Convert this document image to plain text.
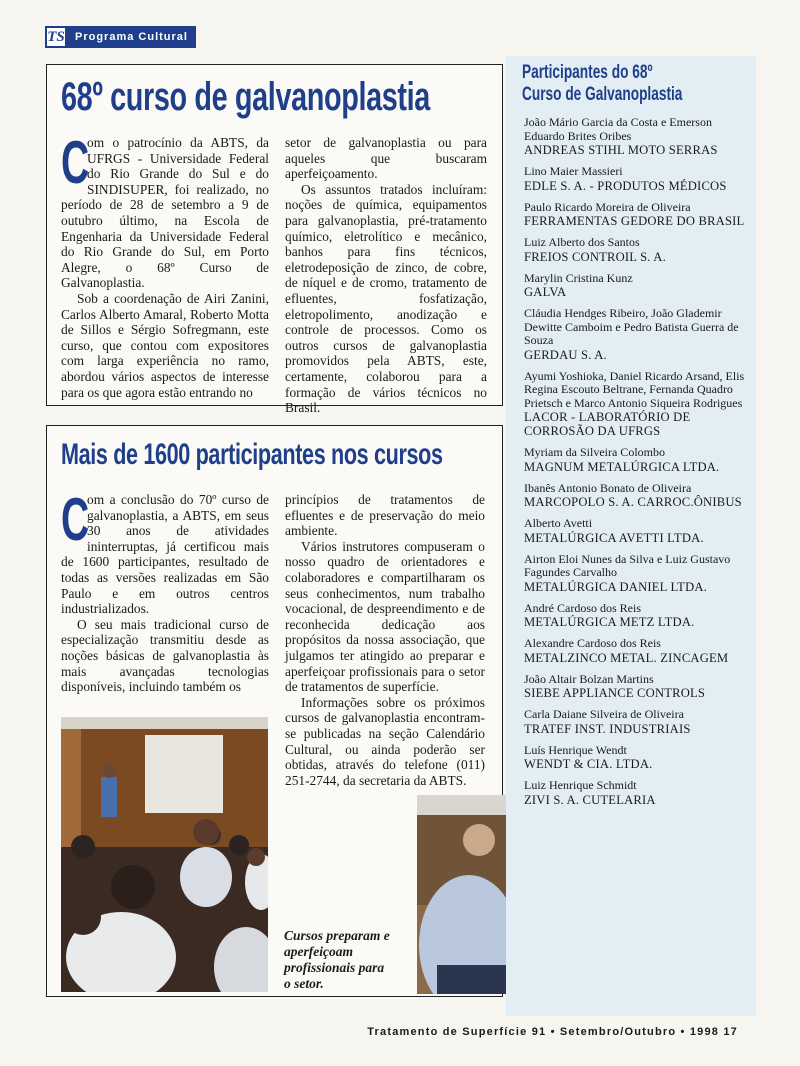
TS Programa Cultural
68º curso de galvanoplastia

C
om o patrocínio da ABTS, da UFRGS - Universidade Federal do Rio Grande do Sul e do SINDISUPER, foi realizado, no período de 28 de setembro a 9 de outubro último, na Escola de Engenharia da Universidade Federal do Rio Grande do Sul, em Porto Alegre, o 68º Curso de Galvanoplastia.

Sob a coordenação de Airi Zanini, Carlos Alberto Amaral, Roberto Motta de Sillos e Sérgio Sofregmann, este curso, que contou com expositores com larga experiência no ramo, abordou vários aspectos de interesse para os que agora estão entrando no

setor de galvanoplastia ou para aqueles que buscaram aperfeiçoamento.

Os assuntos tratados incluíram: noções de química, equipamentos para galvanoplastia, pré-tratamento químico, eletrolítico e mecânico, banhos para fins técnicos, eletrodeposição de zinco, de cobre, de níquel e de cromo, tratamento de efluentes, fosfatização, eletropolimento, anodização e controle de processos. Como os outros cursos de galvanoplastia promovidos pela ABTS, este, certamente, colaborou para a formação de vários técnicos no Brasil.

Mais de 1600 participantes nos cursos

C
om a conclusão do 70º curso de galvanoplastia, a ABTS, em seus 30 anos de atividades ininterruptas, já certificou mais de 1600 participantes, resultado de todas as versões realizadas em São Paulo e em outros centros industrializados.

O seu mais tradicional curso de especialização transmitiu desde as noções básicas de galvanoplastia às mais avançadas tecnologias disponíveis, incluindo também os

princípios de tratamentos de efluentes e de preservação do meio ambiente.

Vários instrutores compuseram o nosso quadro de orientadores e colaboradores e compartilharam os seus conhecimentos, num trabalho vocacional, de despreendimento e de reconhecida dedicação aos propósitos da nossa associação, que julgamos ter atingido ao preparar e aperfeiçoar profissionais para o setor de tratamentos de superfície.

Informações sobre os próximos cursos de galvanoplastia encontram-se publicadas na seção Calendário Cultural, ou ainda poderão ser obtidas, através do telefone (011) 251-2744, da secretaria da ABTS.

Cursos preparam e aperfeiçoam profissionais para o setor.
Participantes do 68º
Curso de Galvanoplastia
João Mário Garcia da Costa e Emerson Eduardo Brites Oribes
ANDREAS STIHL MOTO SERRAS
Lino Maier Massieri
EDLE S. A. - PRODUTOS MÉDICOS
Paulo Ricardo Moreira de Oliveira
FERRAMENTAS GEDORE DO BRASIL
Luiz Alberto dos Santos
FREIOS CONTROIL S. A.
Marylin Cristina Kunz
GALVA
Cláudia Hendges Ribeiro, João Glademir Dewitte Camboim e Pedro Batista Guerra de Souza
GERDAU S. A.
Ayumi Yoshioka, Daniel Ricardo Arsand, Elis Regina Escouto Beltrane, Fernanda Quadro Prietsch e Marco Antonio Siqueira Rodrigues
LACOR - LABORATÓRIO DE CORROSÃO DA UFRGS
Myriam da Silveira Colombo
MAGNUM METALÚRGICA LTDA.
Ibanês Antonio Bonato de Oliveira
MARCOPOLO S. A. CARROC.ÔNIBUS
Alberto Avetti
METALÚRGICA AVETTI LTDA.
Airton Eloi Nunes da Silva e Luiz Gustavo Fagundes Carvalho
METALÚRGICA DANIEL LTDA.
André Cardoso dos Reis
METALÚRGICA METZ LTDA.
Alexandre Cardoso dos Reis
METALZINCO METAL. ZINCAGEM
João Altair Bolzan Martins
SIEBE APPLIANCE CONTROLS
Carla Daiane Silveira de Oliveira
TRATEF INST. INDUSTRIAIS
Luís Henrique Wendt
WENDT & CIA. LTDA.
Luiz Henrique Schmidt
ZIVI S. A. CUTELARIA
Tratamento de Superfície 91 • Setembro/Outubro • 1998 17
